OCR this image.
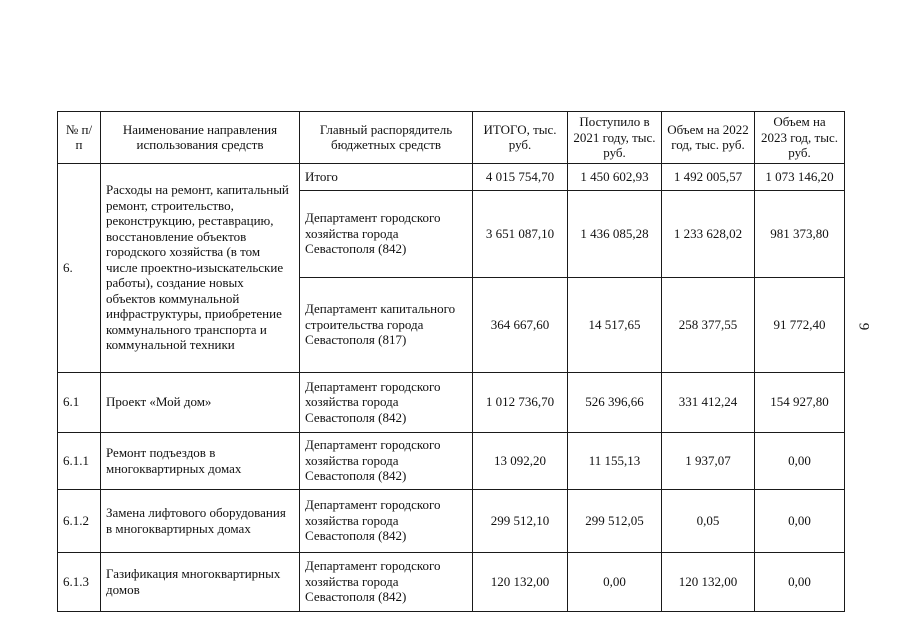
№ п/п	Наименование направления использования средств	Главный распорядитель бюджетных средств	ИТОГО, тыс. руб.	Поступило в 2021 году, тыс. руб.	Объем на 2022 год, тыс. руб.	Объем на 2023 год, тыс. руб.
6.	Расходы на ремонт, капитальный ремонт, строительство, реконструкцию, реставрацию, восстановление объектов городского хозяйства (в том числе проектно-изыскательские работы), создание новых объектов коммунальной инфраструктуры, приобретение коммунального транспорта и коммунальной техники	Итого	4 015 754,70	1 450 602,93	1 492 005,57	1 073 146,20
		Департамент городского хозяйства города Севастополя (842)	3 651 087,10	1 436 085,28	1 233 628,02	981 373,80
		Департамент капитального строительства города Севастополя (817)	364 667,60	14 517,65	258 377,55	91 772,40
6.1	Проект «Мой дом»	Департамент городского хозяйства города Севастополя (842)	1 012 736,70	526 396,66	331 412,24	154 927,80
6.1.1	Ремонт подъездов в многоквартирных домах	Департамент городского хозяйства города Севастополя (842)	13 092,20	11 155,13	1 937,07	0,00
6.1.2	Замена лифтового оборудования в многоквартирных домах	Департамент городского хозяйства города Севастополя (842)	299 512,10	299 512,05	0,05	0,00
6.1.3	Газификация многоквартирных домов	Департамент городского хозяйства города Севастополя (842)	120 132,00	0,00	120 132,00	0,00
9
